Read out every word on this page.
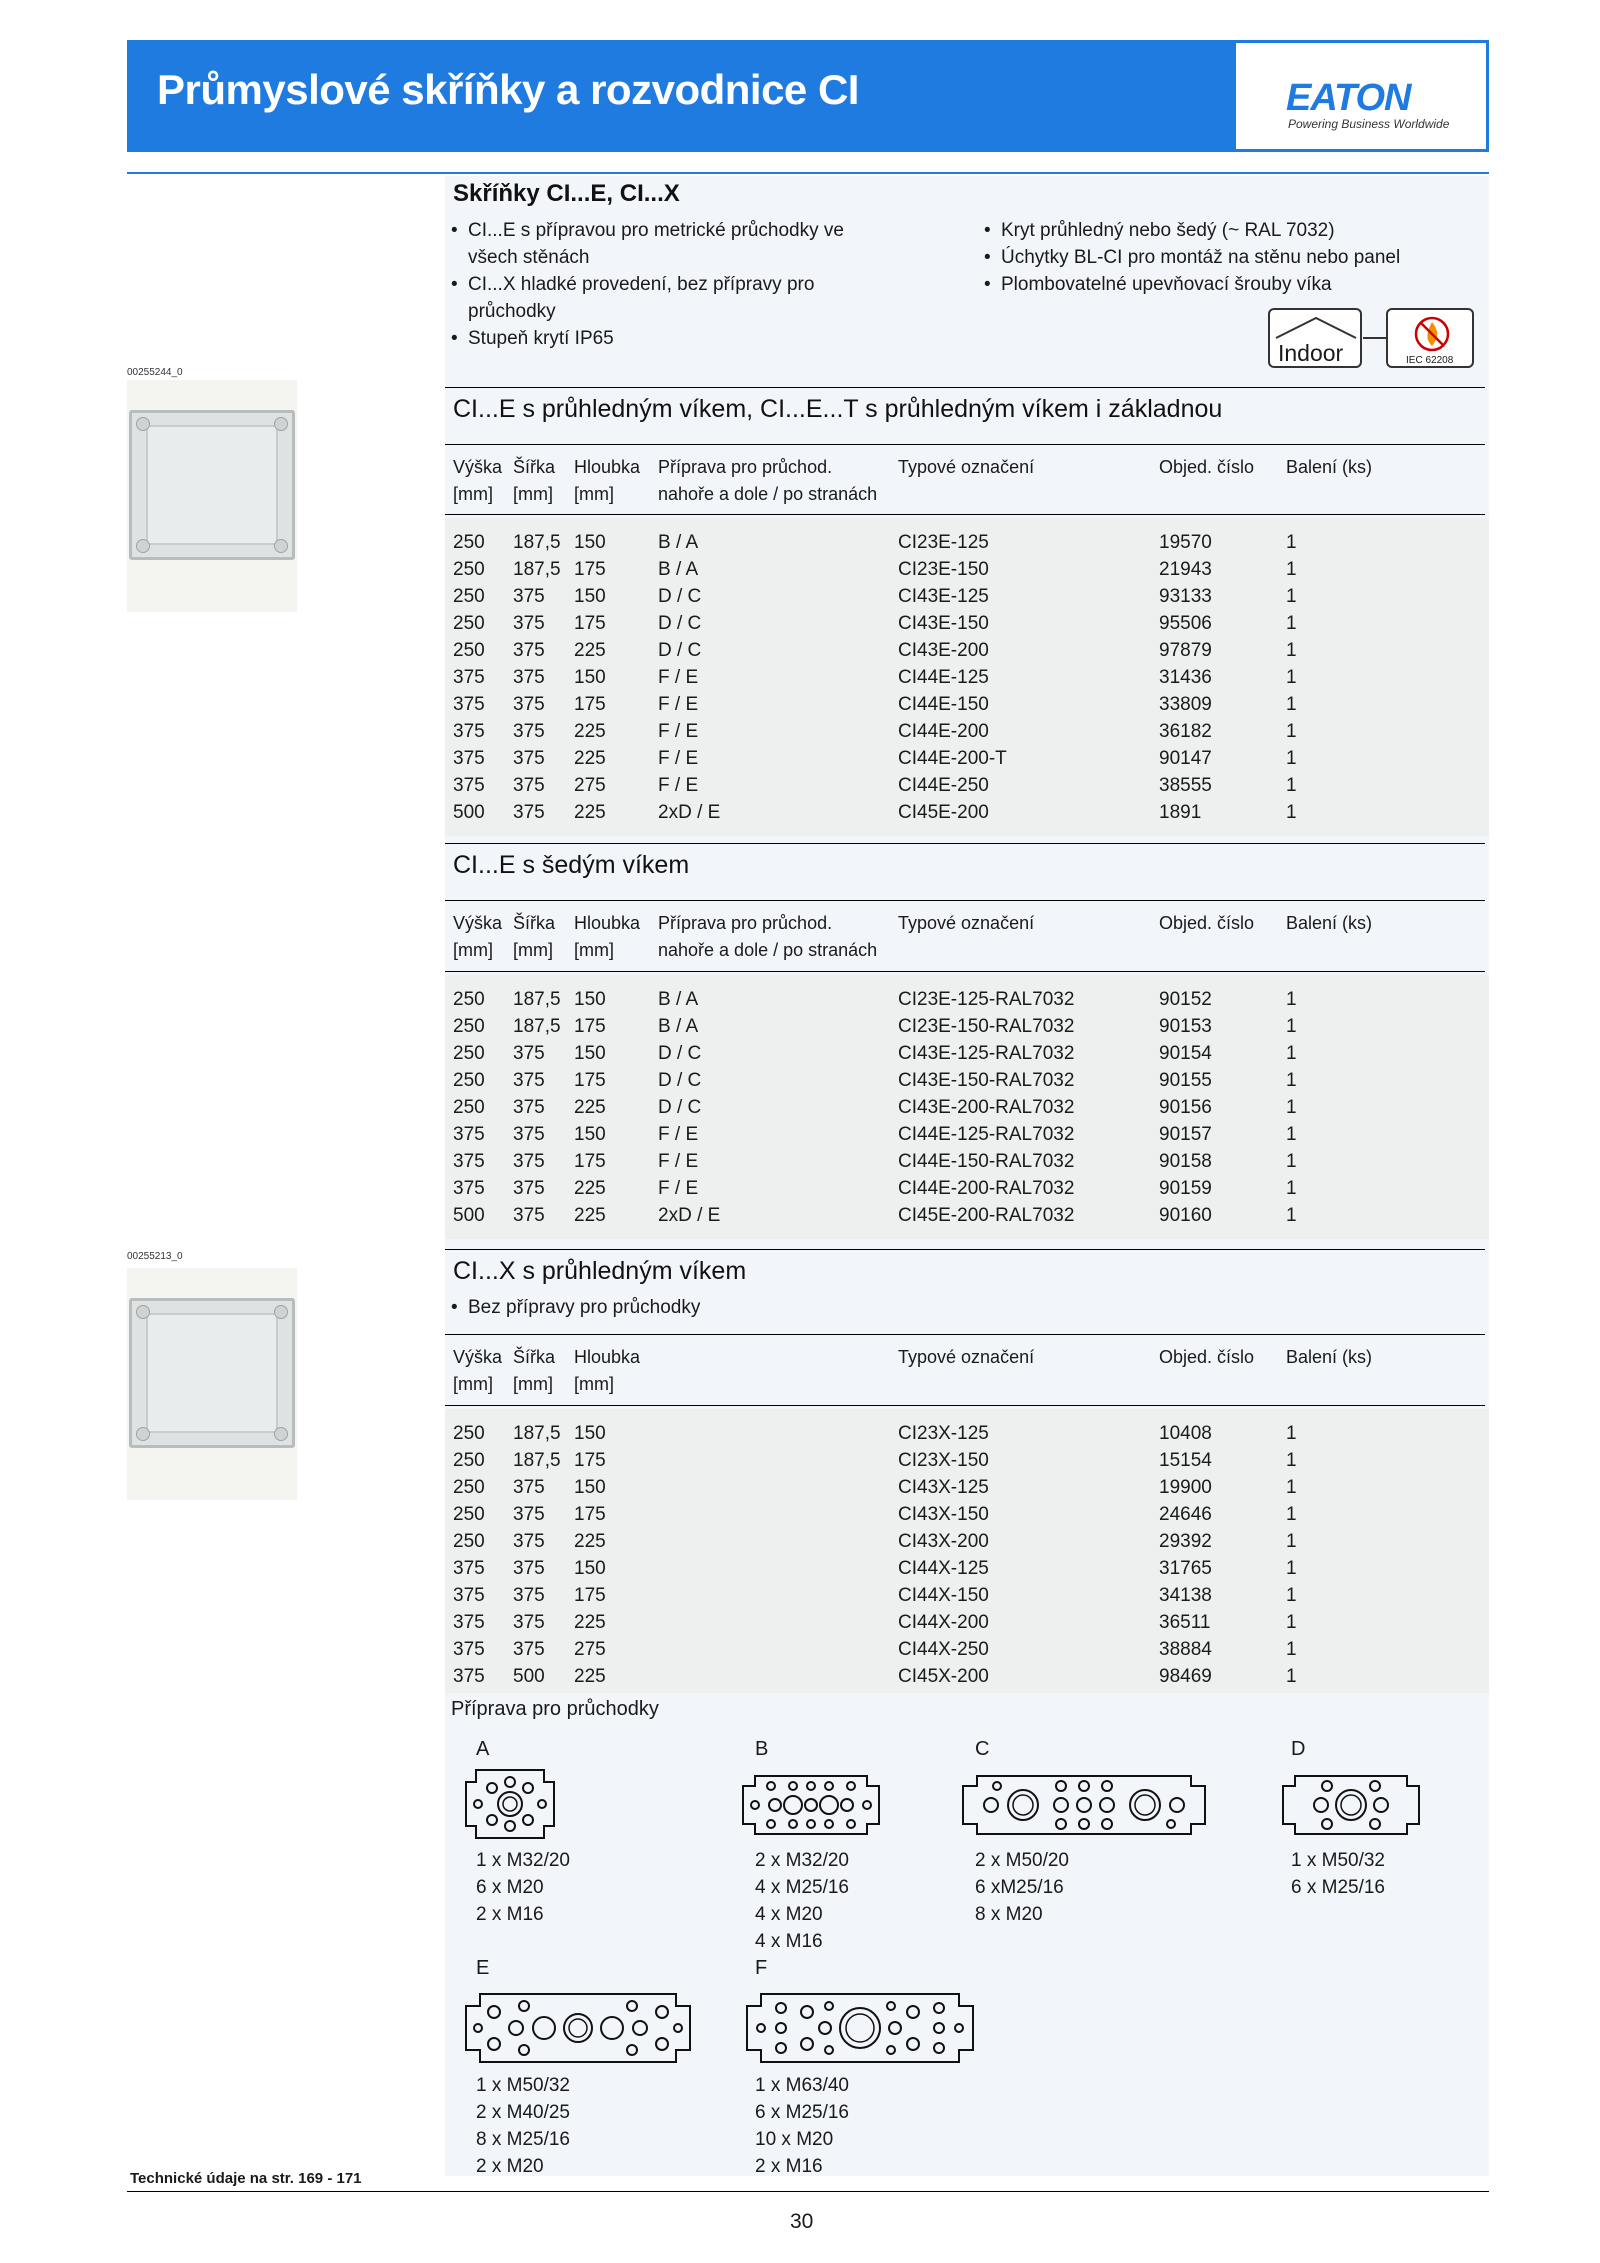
Průmyslové skříňky a rozvodnice CI	EATON
Powering Business Worldwide
Skříňky CI...E, CI...X
• CI...E s přípravou pro metrické průchodky ve všech stěnách
• CI...X hladké provedení, bez přípravy pro průchodky
• Stupeň krytí IP65
• Kryt průhledný nebo šedý (~ RAL 7032)
• Úchytky BL-CI pro montáž na stěnu nebo panel
• Plombovatelné upevňovací šrouby víka
Indoor	IEC 62208
00255244_0
00255213_0
CI...E s průhledným víkem, CI...E...T s průhledným víkem i základnou
Výška Šířka Hloubka Příprava pro průchod.	Typové označení	Objed. číslo Balení (ks)
[mm] [mm] [mm] nahoře a dole / po stranách
250 187,5 150	B / A	CI23E-125	19570	1
250 187,5 175	B / A	CI23E-150	21943	1
250 375 150	D / C	CI43E-125	93133	1
250 375 175	D / C	CI43E-150	95506	1
250 375 225	D / C	CI43E-200	97879	1
375 375 150	F / E	CI44E-125	31436	1
375 375 175	F / E	CI44E-150	33809	1
375 375 225	F / E	CI44E-200	36182	1
375 375 225	F / E	CI44E-200-T	90147	1
375 375 275	F / E	CI44E-250	38555	1
500 375 225	2xD / E	CI45E-200	1891	1
CI...E s šedým víkem
Výška Šířka Hloubka Příprava pro průchod.	Typové označení	Objed. číslo Balení (ks)
[mm] [mm] [mm] nahoře a dole / po stranách
250 187,5 150	B / A	CI23E-125-RAL7032	90152	1
250 187,5 175	B / A	CI23E-150-RAL7032	90153	1
250 375 150	D / C	CI43E-125-RAL7032	90154	1
250 375 175	D / C	CI43E-150-RAL7032	90155	1
250 375 225	D / C	CI43E-200-RAL7032	90156	1
375 375 150	F / E	CI44E-125-RAL7032	90157	1
375 375 175	F / E	CI44E-150-RAL7032	90158	1
375 375 225	F / E	CI44E-200-RAL7032	90159	1
500 375 225	2xD / E	CI45E-200-RAL7032	90160	1
CI...X s průhledným víkem
• Bez přípravy pro průchodky
Výška Šířka Hloubka	Typové označení	Objed. číslo Balení (ks)
[mm] [mm] [mm]
250 187,5 150	CI23X-125	10408	1
250 187,5 175	CI23X-150	15154	1
250 375 150	CI43X-125	19900	1
250 375 175	CI43X-150	24646	1
250 375 225	CI43X-200	29392	1
375 375 150	CI44X-125	31765	1
375 375 175	CI44X-150	34138	1
375 375 225	CI44X-200	36511	1
375 375 275	CI44X-250	38884	1
375 500 225	CI45X-200	98469	1
Příprava pro průchodky
A
1 x M32/20
6 x M20
2 x M16
B
2 x M32/20
4 x M25/16
4 x M20
4 x M16
C
2 x M50/20
6 xM25/16
8 x M20
D
1 x M50/32
6 x M25/16
E
1 x M50/32
2 x M40/25
8 x M25/16
2 x M20
F
1 x M63/40
6 x M25/16
10 x M20
2 x M16
Technické údaje na str. 169 - 171
30
